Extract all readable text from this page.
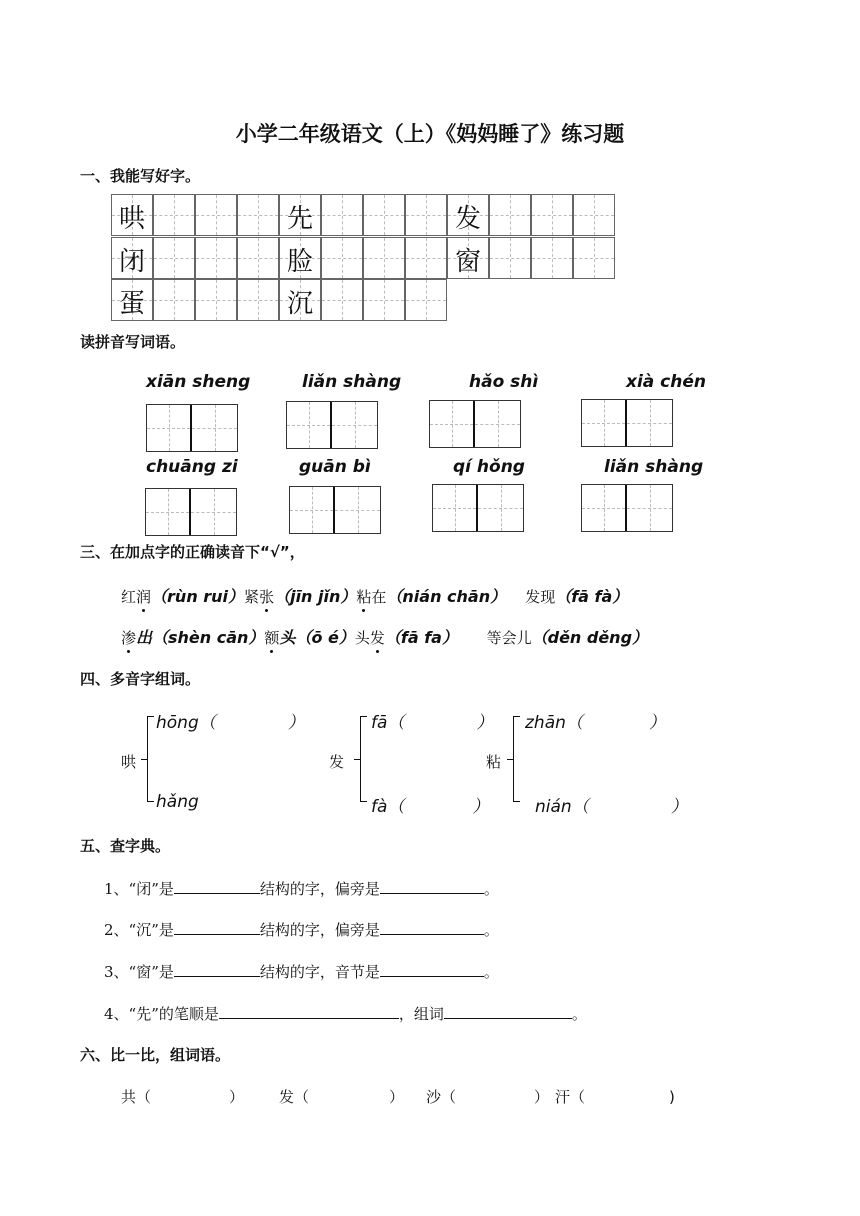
小学二年级语文（上）《妈妈睡了》练习题
一、我能写好字。
哄	先	发
闭	脸	窗
蛋	沉
读拼音写词语。
xiān sheng	liǎn shàng	hǎo shì	xià chén
chuāng zi	guān bì	qí hǒng	liǎn shàng
三、在加点字的正确读音下“√”，
红润（rùn rui）紧张（jīn jǐn）粘在（nián chān） 发现（fā fà）
渗出（shèn cān）额头（ō é）头发（fā fa） 等会儿（děn děng）
四、多音字组词。
哄
hōng（	）
hǎng
发
fā（	）
fà（	）
粘
zhān（	）
nián（	）
五、查字典。
1、“闭”是	结构的字，偏旁是	。
2、“沉”是	结构的字，偏旁是	。
3、“窗”是	结构的字，音节是	。
4、“先”的笔顺是	，组词	。
六、比一比，组词语。
共（	） 发（	） 沙（	） 汗（	)
